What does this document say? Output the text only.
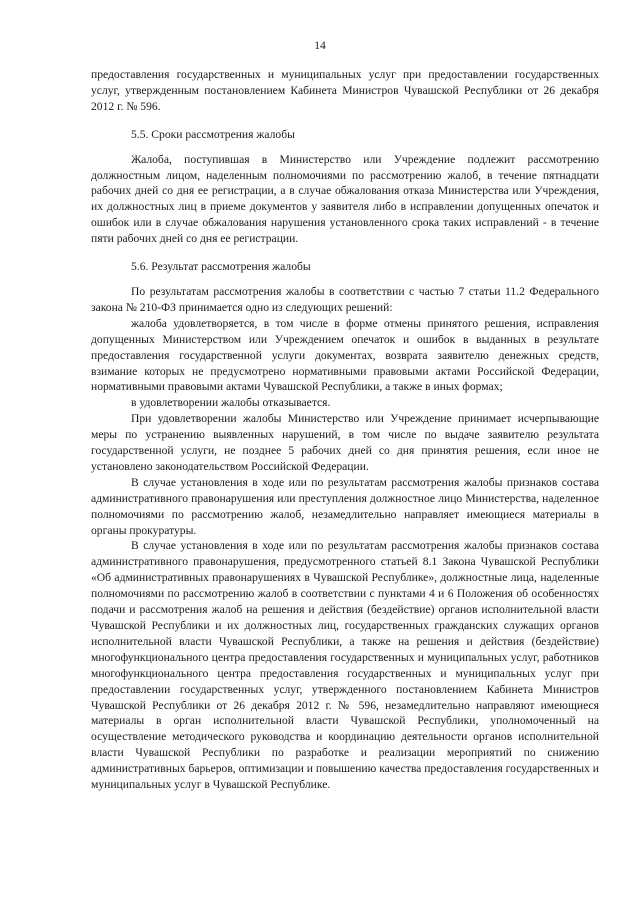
14

предоставления государственных и муниципальных услуг при предоставлении государственных услуг, утвержденным постановлением Кабинета Министров Чувашской Республики от 26 декабря 2012 г. № 596.

5.5. Сроки рассмотрения жалобы

Жалоба, поступившая в Министерство или Учреждение подлежит рассмотрению должностным лицом, наделенным полномочиями по рассмотрению жалоб, в течение пятнадцати рабочих дней со дня ее регистрации, а в случае обжалования отказа Министерства или Учреждения, их должностных лиц в приеме документов у заявителя либо в исправлении допущенных опечаток и ошибок или в случае обжалования нарушения установленного срока таких исправлений - в течение пяти рабочих дней со дня ее регистрации.

5.6. Результат рассмотрения жалобы

По результатам рассмотрения жалобы в соответствии с частью 7 статьи 11.2 Федерального закона № 210-ФЗ принимается одно из следующих решений:

жалоба удовлетворяется, в том числе в форме отмены принятого решения, исправления допущенных Министерством или Учреждением опечаток и ошибок в выданных в результате предоставления государственной услуги документах, возврата заявителю денежных средств, взимание которых не предусмотрено нормативными правовыми актами Российской Федерации, нормативными правовыми актами Чувашской Республики, а также в иных формах;

в удовлетворении жалобы отказывается.

При удовлетворении жалобы Министерство или Учреждение принимает исчерпывающие меры по устранению выявленных нарушений, в том числе по выдаче заявителю результата государственной услуги, не позднее 5 рабочих дней со дня принятия решения, если иное не установлено законодательством Российской Федерации.

В случае установления в ходе или по результатам рассмотрения жалобы признаков состава административного правонарушения или преступления должностное лицо Министерства, наделенное полномочиями по рассмотрению жалоб, незамедлительно направляет имеющиеся материалы в органы прокуратуры.

В случае установления в ходе или по результатам рассмотрения жалобы признаков состава административного правонарушения, предусмотренного статьей 8.1 Закона Чувашской Республики «Об административных правонарушениях в Чувашской Республике», должностные лица, наделенные полномочиями по рассмотрению жалоб в соответствии с пунктами 4 и 6 Положения об особенностях подачи и рассмотрения жалоб на решения и действия (бездействие) органов исполнительной власти Чувашской Республики и их должностных лиц, государственных гражданских служащих органов исполнительной власти Чувашской Республики, а также на решения и действия (бездействие) многофункционального центра предоставления государственных и муниципальных услуг, работников многофункционального центра предоставления государственных и муниципальных услуг при предоставлении государственных услуг, утвержденного постановлением Кабинета Министров Чувашской Республики от 26 декабря 2012 г. № 596, незамедлительно направляют имеющиеся материалы в орган исполнительной власти Чувашской Республики, уполномоченный на осуществление методического руководства и координацию деятельности органов исполнительной власти Чувашской Республики по разработке и реализации мероприятий по снижению административных барьеров, оптимизации и повышению качества предоставления государственных и муниципальных услуг в Чувашской Республике.
